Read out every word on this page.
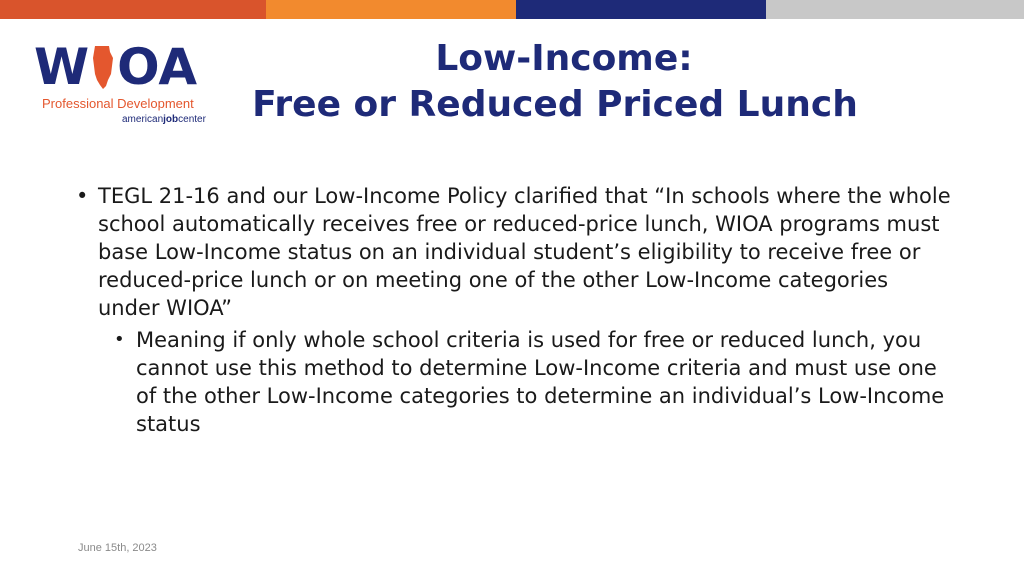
W OA
Professional Development
americanjobcenter
Low-Income:
Free or Reduced Priced Lunch
• TEGL 21-16 and our Low-Income Policy clarified that “In schools where the whole school automatically receives free or reduced-price lunch, WIOA programs must base Low-Income status on an individual student’s eligibility to receive free or reduced-price lunch or on meeting one of the other Low-Income categories under WIOA”
• Meaning if only whole school criteria is used for free or reduced lunch, you cannot use this method to determine Low-Income criteria and must use one of the other Low-Income categories to determine an individual’s Low-Income status
June 15th, 2023
